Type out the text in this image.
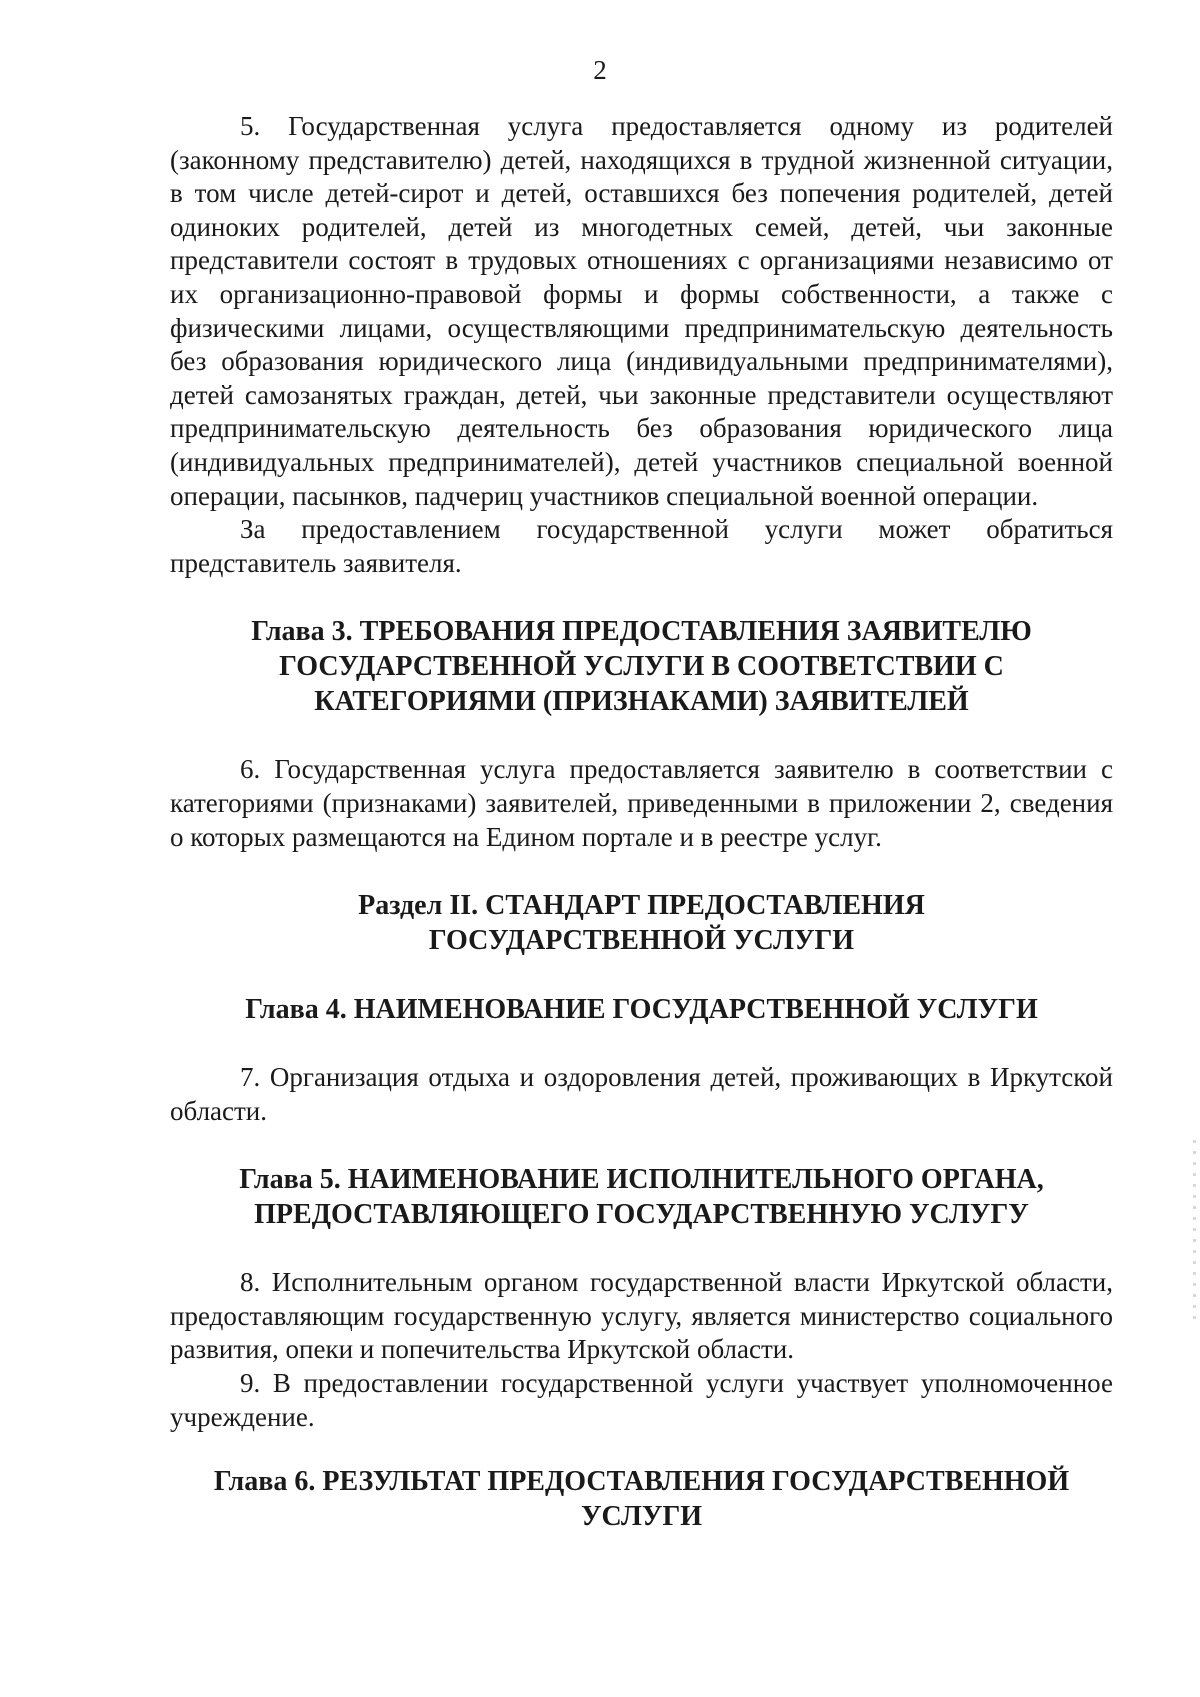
2

5. Государственная услуга предоставляется одному из родителей (законному представителю) детей, находящихся в трудной жизненной ситуации, в том числе детей-сирот и детей, оставшихся без попечения родителей, детей одиноких родителей, детей из многодетных семей, детей, чьи законные представители состоят в трудовых отношениях с организациями независимо от их организационно-правовой формы и формы собственности, а также с физическими лицами, осуществляющими предпринимательскую деятельность без образования юридического лица (индивидуальными предпринимателями), детей самозанятых граждан, детей, чьи законные представители осуществляют предпринимательскую деятельность без образования юридического лица (индивидуальных предпринимателей), детей участников специальной военной операции, пасынков, падчериц участников специальной военной операции.

За предоставлением государственной услуги может обратиться представитель заявителя.

Глава 3. ТРЕБОВАНИЯ ПРЕДОСТАВЛЕНИЯ ЗАЯВИТЕЛЮ ГОСУДАРСТВЕННОЙ УСЛУГИ В СООТВЕТСТВИИ С КАТЕГОРИЯМИ (ПРИЗНАКАМИ) ЗАЯВИТЕЛЕЙ

6. Государственная услуга предоставляется заявителю в соответствии с категориями (признаками) заявителей, приведенными в приложении 2, сведения о которых размещаются на Едином портале и в реестре услуг.

Раздел II. СТАНДАРТ ПРЕДОСТАВЛЕНИЯ ГОСУДАРСТВЕННОЙ УСЛУГИ
Глава 4. НАИМЕНОВАНИЕ ГОСУДАРСТВЕННОЙ УСЛУГИ

7. Организация отдыха и оздоровления детей, проживающих в Иркутской области.

Глава 5. НАИМЕНОВАНИЕ ИСПОЛНИТЕЛЬНОГО ОРГАНА, ПРЕДОСТАВЛЯЮЩЕГО ГОСУДАРСТВЕННУЮ УСЛУГУ

8. Исполнительным органом государственной власти Иркутской области, предоставляющим государственную услугу, является министерство социального развития, опеки и попечительства Иркутской области.

9. В предоставлении государственной услуги участвует уполномоченное учреждение.

Глава 6. РЕЗУЛЬТАТ ПРЕДОСТАВЛЕНИЯ ГОСУДАРСТВЕННОЙ УСЛУГИ
